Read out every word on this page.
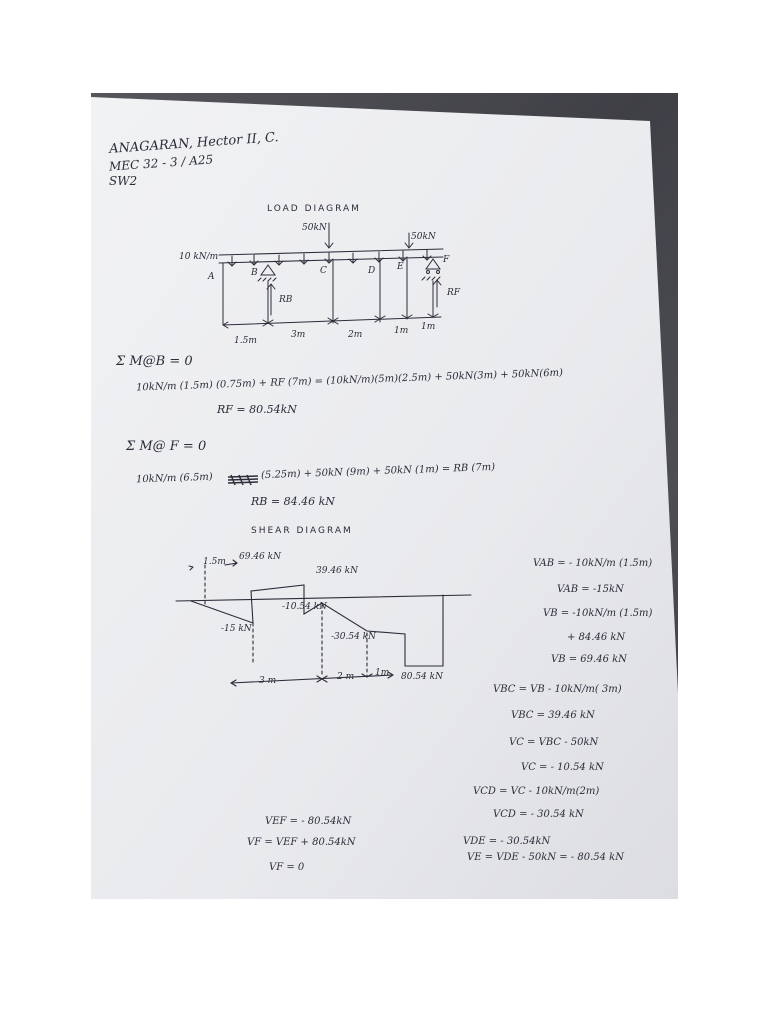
ANAGARAN, Hector II, C.

MEC 32 - 3 / A25

SW2

LOAD DIAGRAM

10 kN/m

50kN

50kN

A	B	C	D E

F

RB

RF

1.5m

3m	2m	1m 1m

Σ M@B = 0

10kN/m (1.5m) (0.75m) + RF (7m) = (10kN/m)(5m)(2.5m) + 50kN(3m) + 50kN(6m)

RF = 80.54kN

Σ M@ F = 0

10kN/m (6.5m)	(5.25m) + 50kN (9m) + 50kN (1m) = RB (7m)

RB = 84.46 kN

SHEAR DIAGRAM

1.5m 69.46 kN

39.46 kN

-15 kN

-10.54 kN

-30.54 kN

80.54 kN

3 m	2 m 1m

VAB = - 10kN/m (1.5m)

VAB = -15kN

VB = -10kN/m (1.5m)

+ 84.46 kN

VB = 69.46 kN

VBC = VB - 10kN/m( 3m)

VBC = 39.46 kN

VC = VBC - 50kN

VC = - 10.54 kN

VCD = VC - 10kN/m(2m)

VCD = - 30.54 kN

VDE = - 30.54kN

VE = VDE - 50kN = - 80.54 kN

VEF = - 80.54kN

VF = VEF + 80.54kN

VF = 0
